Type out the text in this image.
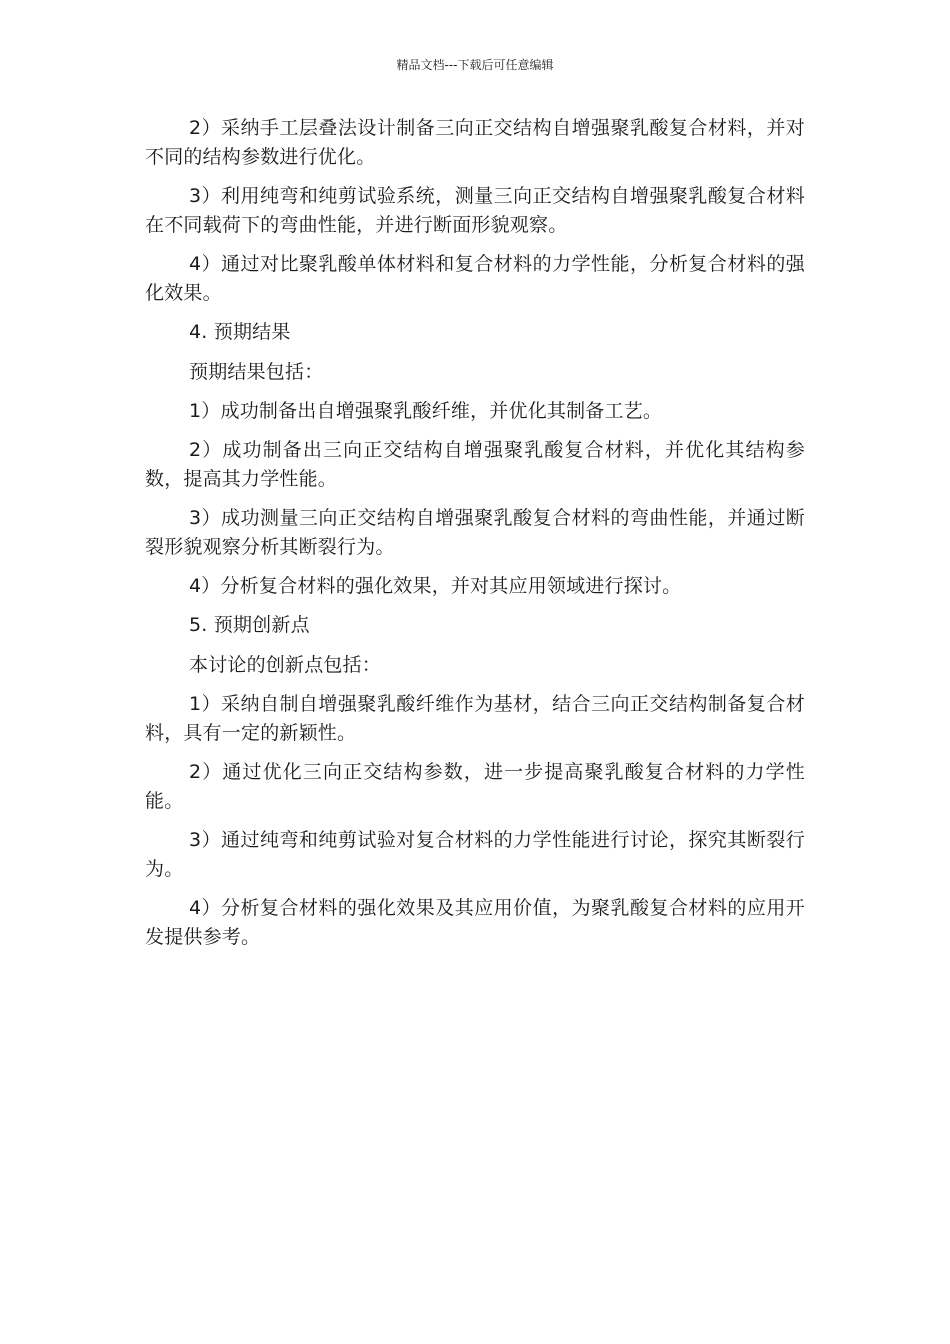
精品文档---下载后可任意编辑

2）采纳手工层叠法设计制备三向正交结构自增强聚乳酸复合材料，并对不同的结构参数进行优化。

3）利用纯弯和纯剪试验系统，测量三向正交结构自增强聚乳酸复合材料在不同载荷下的弯曲性能，并进行断面形貌观察。

4）通过对比聚乳酸单体材料和复合材料的力学性能，分析复合材料的强化效果。

4. 预期结果

预期结果包括：

1）成功制备出自增强聚乳酸纤维，并优化其制备工艺。

2）成功制备出三向正交结构自增强聚乳酸复合材料，并优化其结构参数，提高其力学性能。

3）成功测量三向正交结构自增强聚乳酸复合材料的弯曲性能，并通过断裂形貌观察分析其断裂行为。

4）分析复合材料的强化效果，并对其应用领域进行探讨。

5. 预期创新点

本讨论的创新点包括：

1）采纳自制自增强聚乳酸纤维作为基材，结合三向正交结构制备复合材料，具有一定的新颖性。

2）通过优化三向正交结构参数，进一步提高聚乳酸复合材料的力学性能。

3）通过纯弯和纯剪试验对复合材料的力学性能进行讨论，探究其断裂行为。

4）分析复合材料的强化效果及其应用价值，为聚乳酸复合材料的应用开发提供参考。
